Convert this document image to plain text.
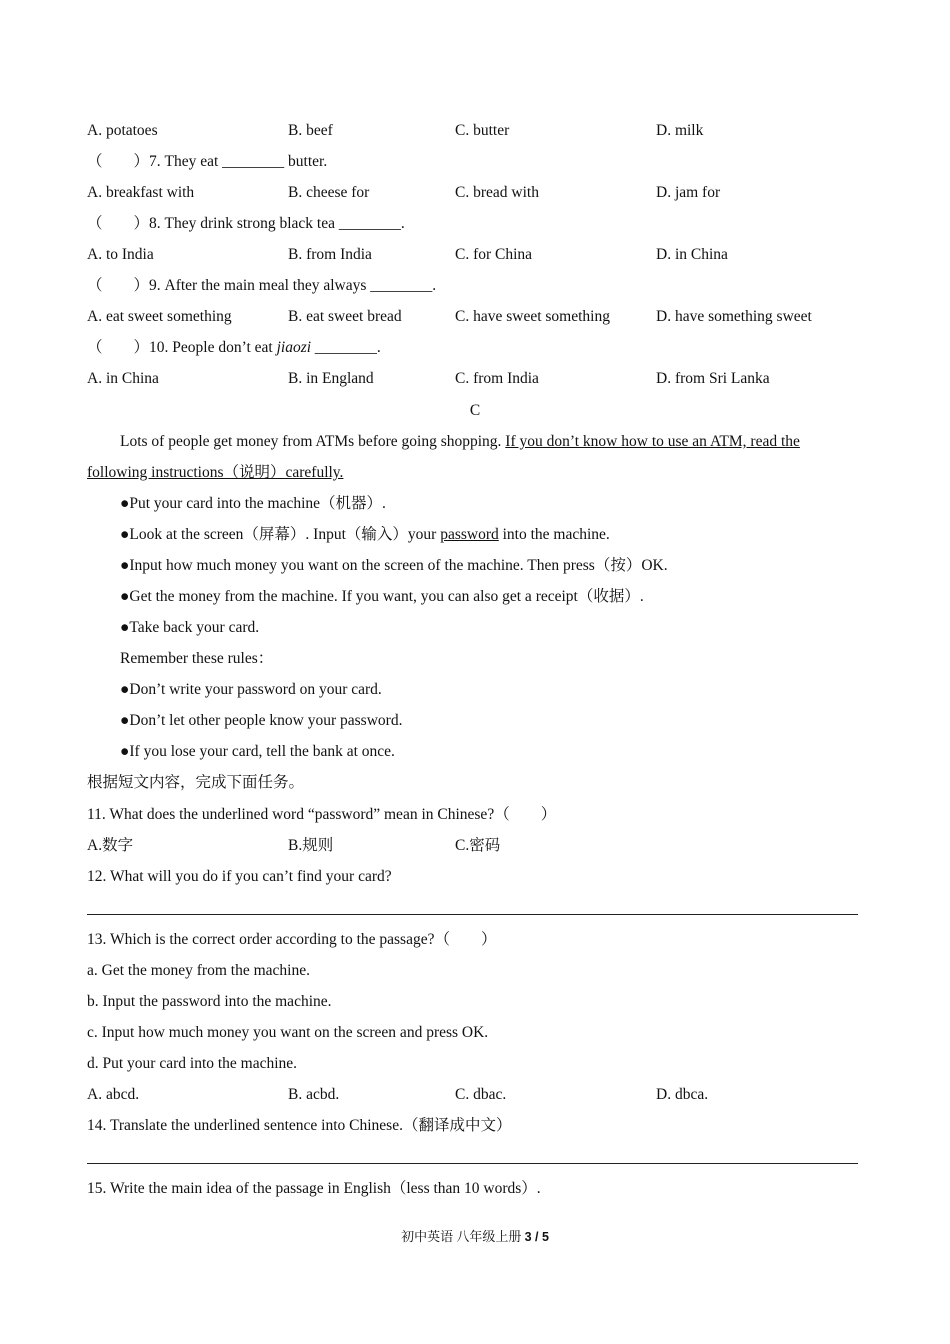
A. potatoes	B. beef	C. butter	D. milk
（　　）7. They eat ________ butter.
A. breakfast with	B. cheese for	C. bread with	D. jam for
（　　）8. They drink strong black tea ________.
A. to India	B. from India	C. for China	D. in China
（　　）9. After the main meal they always ________.
A. eat sweet something	B. eat sweet bread	C. have sweet something	D. have something sweet
（　　）10. People don’t eat jiaozi ________.
A. in China	B. in England	C. from India	D. from Sri Lanka
C
Lots of people get money from ATMs before going shopping. If you don’t know how to use an ATM, read the
following instructions（说明）carefully.
●Put your card into the machine（机器）.
●Look at the screen（屏幕）. Input（输入）your password into the machine.
●Input how much money you want on the screen of the machine. Then press（按）OK.
●Get the money from the machine. If you want, you can also get a receipt（收据）.
●Take back your card.
Remember these rules：
●Don’t write your password on your card.
●Don’t let other people know your password.
●If you lose your card, tell the bank at once.
根据短文内容，完成下面任务。
11. What does the underlined word “password” mean in Chinese?（　　）
A.数字	B.规则	C.密码
12. What will you do if you can’t find your card?
13. Which is the correct order according to the passage?（　　）
a. Get the money from the machine.
b. Input the password into the machine.
c. Input how much money you want on the screen and press OK.
d. Put your card into the machine.
A. abcd.	B. acbd.	C. dbac.	D. dbca.
14. Translate the underlined sentence into Chinese.（翻译成中文）
15. Write the main idea of the passage in English（less than 10 words）.
初中英语 八年级上册 3 / 5
